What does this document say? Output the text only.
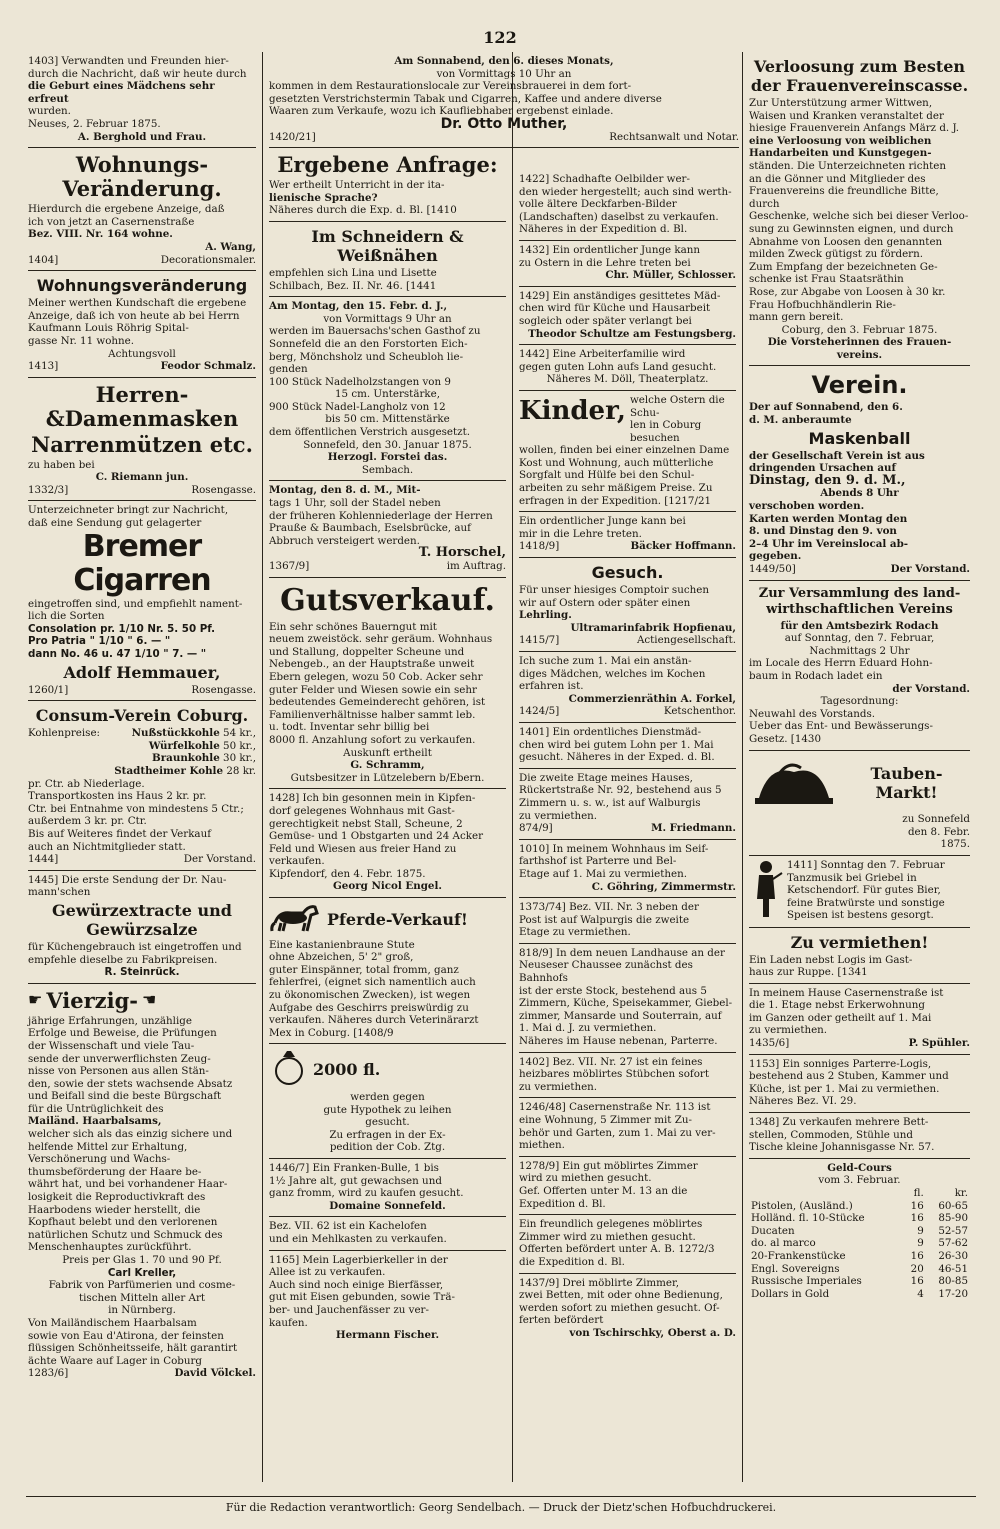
122

1403] Verwandten und Freunden hier-

durch die Nachricht, daß wir heute durch

die Geburt eines Mädchens sehr erfreut

wurden.

Neuses, 2. Februar 1875.

A. Berghold und Frau.

Wohnungs-Veränderung.

Hierdurch die ergebene Anzeige, daß

ich von jetzt an Casernenstraße

Bez. VIII. Nr. 164 wohne.

A. Wang,

1404]	Decorationsmaler.
Wohnungsveränderung

Meiner werthen Kundschaft die ergebene

Anzeige, daß ich von heute ab bei Herrn

Kaufmann Louis Röhrig Spital-

gasse Nr. 11 wohne.

Achtungsvoll

1413]	Feodor Schmalz.
Herren-&Damenmasken
Narrenmützen etc.

zu haben bei

C. Riemann jun.

1332/3]	Rosengasse.

Unterzeichneter bringt zur Nachricht,

daß eine Sendung gut gelagerter

Bremer Cigarren

eingetroffen sind, und empfiehlt nament-

lich die Sorten

Consolation pr. 1/10 Nr. 5. 50 Pf.

Pro Patria " 1/10 " 6. — "

dann No. 46 u. 47 1/10 " 7. — "

Adolf Hemmauer,
1260/1]	Rosengasse.
Consum-Verein Coburg.
Kohlenpreise:	Nußstückkohle 54 kr.,
Würfelkohle 50 kr.,
Braunkohle 30 kr.,
Stadtheimer Kohle 28 kr.

pr. Ctr. ab Niederlage.

Transportkosten ins Haus 2 kr. pr.

Ctr. bei Entnahme von mindestens 5 Ctr.;

außerdem 3 kr. pr. Ctr.

Bis auf Weiteres findet der Verkauf

auch an Nichtmitglieder statt.

1444]	Der Vorstand.

1445] Die erste Sendung der Dr. Nau-

mann'schen

Gewürzextracte und Gewürzsalze

für Küchengebrauch ist eingetroffen und

empfehle dieselbe zu Fabrikpreisen.

R. Steinrück.

☛ Vierzig- ☚

jährige Erfahrungen, unzählige

Erfolge und Beweise, die Prüfungen

der Wissenschaft und viele Tau-

sende der unverwerflichsten Zeug-

nisse von Personen aus allen Stän-

den, sowie der stets wachsende Absatz

und Beifall sind die beste Bürgschaft

für die Untrüglichkeit des

Mailänd. Haarbalsams,

welcher sich als das einzig sichere und

helfende Mittel zur Erhaltung,

Verschönerung und Wachs-

thumsbeförderung der Haare be-

währt hat, und bei vorhandener Haar-

losigkeit die Reproductivkraft des

Haarbodens wieder herstellt, die

Kopfhaut belebt und den verlorenen

natürlichen Schutz und Schmuck des

Menschenhauptes zurückführt.

Preis per Glas 1. 70 und 90 Pf.

Carl Kreller,

Fabrik von Parfümerien und cosme-

tischen Mitteln aller Art

in Nürnberg.

Von Mailändischem Haarbalsam

sowie von Eau d'Atirona, der feinsten

flüssigen Schönheitsseife, hält garantirt

ächte Waare auf Lager in Coburg

1283/6]	David Völckel.

Am Sonnabend, den 6. dieses Monats,

von Vormittags 10 Uhr an

kommen in dem Restaurationslocale zur Vereinsbrauerei in dem fort-

gesetzten Verstrichstermin Tabak und Cigarren, Kaffee und andere diverse

Waaren zum Verkaufe, wozu ich Kaufliebhaber ergebenst einlade.

Dr. Otto Muther,

1420/21]	Rechtsanwalt und Notar.
Ergebene Anfrage:

Wer ertheilt Unterricht in der ita-

lienische Sprache?

Näheres durch die Exp. d. Bl. [1410

Im Schneidern & Weißnähen

empfehlen sich Lina und Lisette

Schilbach, Bez. II. Nr. 46. [1441

Am Montag, den 15. Febr. d. J.,

von Vormittags 9 Uhr an

werden im Bauersachs'schen Gasthof zu

Sonnefeld die an den Forstorten Eich-

berg, Mönchsholz und Scheubloh lie-

genden

100 Stück Nadelholzstangen von 9

15 cm. Unterstärke,

900 Stück Nadel-Langholz von 12

bis 50 cm. Mittenstärke

dem öffentlichen Verstrich ausgesetzt.

Sonnefeld, den 30. Januar 1875.

Herzogl. Forstei das.

Sembach.

Montag, den 8. d. M., Mit-

tags 1 Uhr, soll der Stadel neben

der früheren Kohlenniederlage der Herren

Prauße & Baumbach, Eselsbrücke, auf

Abbruch versteigert werden.

T. Horschel,

1367/9]	im Auftrag.
Gutsverkauf.

Ein sehr schönes Bauerngut mit

neuem zweistöck. sehr geräum. Wohnhaus

und Stallung, doppelter Scheune und

Nebengeb., an der Hauptstraße unweit

Ebern gelegen, wozu 50 Cob. Acker sehr

guter Felder und Wiesen sowie ein sehr

bedeutendes Gemeinderecht gehören, ist

Familienverhältnisse halber sammt leb.

u. todt. Inventar sehr billig bei

8000 fl. Anzahlung sofort zu verkaufen.

Auskunft ertheilt

G. Schramm,

Gutsbesitzer in Lützelebern b/Ebern.

1428] Ich bin gesonnen mein in Kipfen-

dorf gelegenes Wohnhaus mit Gast-

gerechtigkeit nebst Stall, Scheune, 2

Gemüse- und 1 Obstgarten und 24 Acker

Feld und Wiesen aus freier Hand zu

verkaufen.

Kipfendorf, den 4. Febr. 1875.

Georg Nicol Engel.

Pferde-Verkauf!

Eine kastanienbraune Stute

ohne Abzeichen, 5' 2" groß,

guter Einspänner, total fromm, ganz

fehlerfrei, (eignet sich namentlich auch

zu ökonomischen Zwecken), ist wegen

Aufgabe des Geschirrs preiswürdig zu

verkaufen. Näheres durch Veterinärarzt

Mex in Coburg. [1408/9

2000 fl.

werden gegen

gute Hypothek zu leihen

gesucht.

Zu erfragen in der Ex-

pedition der Cob. Ztg.

1446/7] Ein Franken-Bulle, 1 bis

1½ Jahre alt, gut gewachsen und

ganz fromm, wird zu kaufen gesucht.

Domaine Sonnefeld.

Bez. VII. 62 ist ein Kachelofen

und ein Mehlkasten zu verkaufen.

1165] Mein Lagerbierkeller in der

Allee ist zu verkaufen.

Auch sind noch einige Bierfässer,

gut mit Eisen gebunden, sowie Trä-

ber- und Jauchenfässer zu ver-

kaufen.

Hermann Fischer.

1422] Schadhafte Oelbilder wer-

den wieder hergestellt; auch sind werth-

volle ältere Deckfarben-Bilder

(Landschaften) daselbst zu verkaufen.

Näheres in der Expedition d. Bl.

1432] Ein ordentlicher Junge kann

zu Ostern in die Lehre treten bei

Chr. Müller, Schlosser.

1429] Ein anständiges gesittetes Mäd-

chen wird für Küche und Hausarbeit

sogleich oder später verlangt bei

Theodor Schultze am Festungsberg.

1442] Eine Arbeiterfamilie wird

gegen guten Lohn aufs Land gesucht.

Näheres M. Döll, Theaterplatz.

Kinder, welche Ostern die Schu-

len in Coburg besuchen

wollen, finden bei einer einzelnen Dame

Kost und Wohnung, auch mütterliche

Sorgfalt und Hülfe bei den Schul-

arbeiten zu sehr mäßigem Preise. Zu

erfragen in der Expedition. [1217/21

Ein ordentlicher Junge kann bei

mir in die Lehre treten.

1418/9]	Bäcker Hoffmann.
Gesuch.

Für unser hiesiges Comptoir suchen

wir auf Ostern oder später einen

Lehrling.

Ultramarinfabrik Hopfienau,

1415/7]	Actiengesellschaft.

Ich suche zum 1. Mai ein anstän-

diges Mädchen, welches im Kochen

erfahren ist.

Commerzienräthin A. Forkel,

1424/5]	Ketschenthor.

1401] Ein ordentliches Dienstmäd-

chen wird bei gutem Lohn per 1. Mai

gesucht. Näheres in der Exped. d. Bl.

Die zweite Etage meines Hauses,

Rückertstraße Nr. 92, bestehend aus 5

Zimmern u. s. w., ist auf Walburgis

zu vermiethen.

874/9]	M. Friedmann.

1010] In meinem Wohnhaus im Seif-

farthshof ist Parterre und Bel-

Etage auf 1. Mai zu vermiethen.

C. Göhring, Zimmermstr.

1373/74] Bez. VII. Nr. 3 neben der

Post ist auf Walpurgis die zweite

Etage zu vermiethen.

818/9] In dem neuen Landhause an der

Neuseser Chaussee zunächst des Bahnhofs

ist der erste Stock, bestehend aus 5

Zimmern, Küche, Speisekammer, Giebel-

zimmer, Mansarde und Souterrain, auf

1. Mai d. J. zu vermiethen.

Näheres im Hause nebenan, Parterre.

1402] Bez. VII. Nr. 27 ist ein feines

heizbares möblirtes Stübchen sofort

zu vermiethen.

1246/48] Casernenstraße Nr. 113 ist

eine Wohnung, 5 Zimmer mit Zu-

behör und Garten, zum 1. Mai zu ver-

miethen.

1278/9] Ein gut möblirtes Zimmer

wird zu miethen gesucht.

Gef. Offerten unter M. 13 an die

Expedition d. Bl.

Ein freundlich gelegenes möblirtes

Zimmer wird zu miethen gesucht.

Offerten befördert unter A. B. 1272/3

die Expedition d. Bl.

1437/9] Drei möblirte Zimmer,

zwei Betten, mit oder ohne Bedienung,

werden sofort zu miethen gesucht. Of-

ferten befördert

von Tschirschky, Oberst a. D.

Verloosung zum Besten der Frauenvereinscasse.

Zur Unterstützung armer Wittwen,

Waisen und Kranken veranstaltet der

hiesige Frauenverein Anfangs März d. J.

eine Verloosung von weiblichen

Handarbeiten und Kunstgegen-

ständen. Die Unterzeichneten richten

an die Gönner und Mitglieder des

Frauenvereins die freundliche Bitte, durch

Geschenke, welche sich bei dieser Verloo-

sung zu Gewinnsten eignen, und durch

Abnahme von Loosen den genannten

milden Zweck gütigst zu fördern.

Zum Empfang der bezeichneten Ge-

schenke ist Frau Staatsräthin

Rose, zur Abgabe von Loosen à 30 kr.

Frau Hofbuchhändlerin Rie-

mann gern bereit.

Coburg, den 3. Februar 1875.

Die Vorsteherinnen des Frauen-vereins.

Verein.

Der auf Sonnabend, den 6.

d. M. anberaumte

Maskenball

der Gesellschaft Verein ist aus

dringenden Ursachen auf

Dinstag, den 9. d. M.,

Abends 8 Uhr

verschoben worden.

Karten werden Montag den

8. und Dinstag den 9. von

2–4 Uhr im Vereinslocal ab-

gegeben.

1449/50]	Der Vorstand.
Zur Versammlung des land-wirthschaftlichen Vereins

für den Amtsbezirk Rodach

auf Sonntag, den 7. Februar,

Nachmittags 2 Uhr

im Locale des Herrn Eduard Hohn-

baum in Rodach ladet ein

der Vorstand.

Tagesordnung:

Neuwahl des Vorstands.

Ueber das Ent- und Bewässerungs-

Gesetz. [1430

Tauben-Markt!

zu Sonnefeld

den 8. Febr.

1875.

1411] Sonntag den 7. Februar

Tanzmusik bei Griebel in

Ketschendorf. Für gutes Bier,

feine Bratwürste und sonstige

Speisen ist bestens gesorgt.

Zu vermiethen!

Ein Laden nebst Logis im Gast-

haus zur Ruppe. [1341

In meinem Hause Casernenstraße ist

die 1. Etage nebst Erkerwohnung

im Ganzen oder getheilt auf 1. Mai

zu vermiethen.

1435/6]	P. Spühler.

1153] Ein sonniges Parterre-Logis,

bestehend aus 2 Stuben, Kammer und

Küche, ist per 1. Mai zu vermiethen.

Näheres Bez. VI. 29.

1348] Zu verkaufen mehrere Bett-

stellen, Commoden, Stühle und

Tische kleine Johannisgasse Nr. 57.

Geld-Cours

vom 3. Februar.

	fl.	kr.
Pistolen, (Ausländ.)	16	60-65
Holländ. fl. 10-Stücke	16	85-90
Ducaten	9	52-57
do. al marco	9	57-62
20-Frankenstücke	16	26-30
Engl. Sovereigns	20	46-51
Russische Imperiales	16	80-85
Dollars in Gold	4	17-20
Für die Redaction verantwortlich: Georg Sendelbach. — Druck der Dietz'schen Hofbuchdruckerei.
